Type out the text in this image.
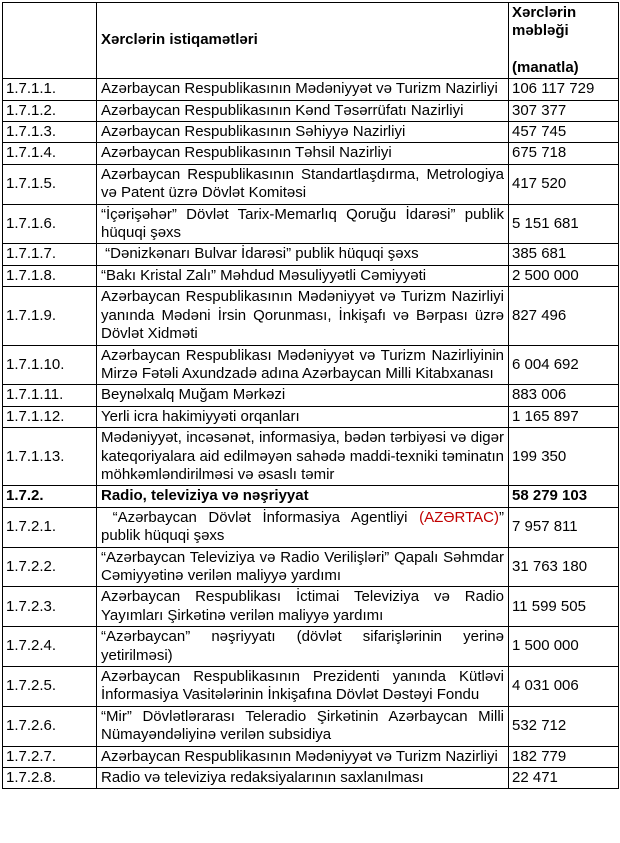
	Xərclərin istiqamətləri	Xərclərin məbləği
(manatla)

1.7.1.1.	Azərbaycan Respublikasının Mədəniyyət və Turizm Nazirliyi	106 117 729
1.7.1.2.	Azərbaycan Respublikasının Kənd Təsərrüfatı Nazirliyi	307 377
1.7.1.3.	Azərbaycan Respublikasının Səhiyyə Nazirliyi	457 745
1.7.1.4.	Azərbaycan Respublikasının Təhsil Nazirliyi	675 718
1.7.1.5.	Azərbaycan Respublikasının Standartlaşdırma, Metrologiya və Patent üzrə Dövlət Komitəsi	417 520
1.7.1.6.	“İçərişəhər” Dövlət Tarix-Memarlıq Qoruğu İdarəsi” publik hüquqi şəxs	5 151 681
1.7.1.7.	“Dənizkənarı Bulvar İdarəsi” publik hüquqi şəxs	385 681
1.7.1.8.	“Bakı Kristal Zalı” Məhdud Məsuliyyətli Cəmiyyəti	2 500 000
1.7.1.9.	Azərbaycan Respublikasının Mədəniyyət və Turizm Nazirliyi yanında Mədəni İrsin Qorunması, İnkişafı və Bərpası üzrə Dövlət Xidməti	827 496
1.7.1.10.	Azərbaycan Respublikası Mədəniyyət və Turizm Nazirliyinin Mirzə Fətəli Axundzadə adına Azərbaycan Milli Kitabxanası	6 004 692
1.7.1.11.	Beynəlxalq Muğam Mərkəzi	883 006
1.7.1.12.	Yerli icra hakimiyyəti orqanları	1 165 897
1.7.1.13.	Mədəniyyət, incəsənət, informasiya, bədən tərbiyəsi və digər kateqoriyalara aid edilməyən sahədə maddi-texniki təminatın möhkəmləndirilməsi və əsaslı təmir	199 350
1.7.2.	Radio, televiziya və nəşriyyat	58 279 103
1.7.2.1.	“Azərbaycan Dövlət İnformasiya Agentliyi (AZƏRTAC)” publik hüquqi şəxs	7 957 811
1.7.2.2.	“Azərbaycan Televiziya və Radio Verilişləri” Qapalı Səhmdar Cəmiyyətinə verilən maliyyə yardımı	31 763 180
1.7.2.3.	Azərbaycan Respublikası İctimai Televiziya və Radio Yayımları Şirkətinə verilən maliyyə yardımı	11 599 505
1.7.2.4.	“Azərbaycan” nəşriyyatı (dövlət sifarişlərinin yerinə yetirilməsi)	1 500 000
1.7.2.5.	Azərbaycan Respublikasının Prezidenti yanında Kütləvi İnformasiya Vasitələrinin İnkişafına Dövlət Dəstəyi Fondu	4 031 006
1.7.2.6.	“Mir” Dövlətlərarası Teleradio Şirkətinin Azərbaycan Milli Nümayəndəliyinə verilən subsidiya	532 712
1.7.2.7.	Azərbaycan Respublikasının Mədəniyyət və Turizm Nazirliyi	182 779
1.7.2.8.	Radio və televiziya redaksiyalarının saxlanılması	22 471
